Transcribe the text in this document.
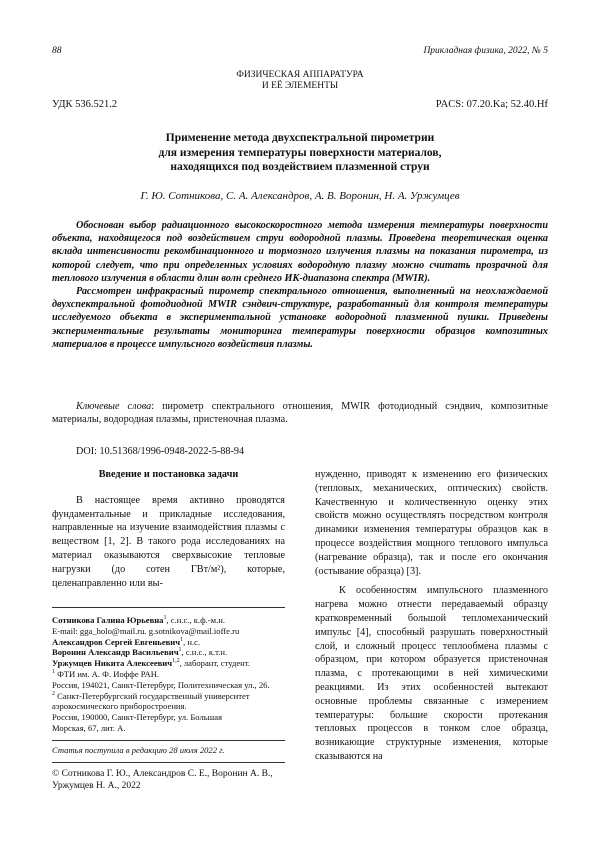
88	Прикладная физика, 2022, № 5
ФИЗИЧЕСКАЯ АППАРАТУРА
И ЕЁ ЭЛЕМЕНТЫ
УДК 536.521.2	PACS: 07.20.Ka; 52.40.Hf
Применение метода двухспектральной пирометрии
для измерения температуры поверхности материалов,
находящихся под воздействием плазменной струи
Г. Ю. Сотникова, С. А. Александров, А. В. Воронин, Н. А. Уржумцев

Обоснован выбор радиационного высокоскоростного метода измерения температуры поверхности объекта, находящегося под воздействием струи водородной плазмы. Проведена теоретическая оценка вклада интенсивности рекомбинационного и тормозного излучения плазмы на показания пирометра, из которой следует, что при определенных условиях водородную плазму можно считать прозрачной для теплового излучения в области длин волн среднего ИК-диапазона спектра (MWIR).

Рассмотрен инфракрасный пирометр спектрального отношения, выполненный на неохлаждаемой двухспектральной фотодиодной MWIR сэндвич-структуре, разработанный для контроля температуры исследуемого объекта в экспериментальной установке водородной плазменной пушки. Приведены экспериментальные результаты мониторинга температуры поверхности образцов композитных материалов в процессе импульсного воздействия плазмы.

Ключевые слова: пирометр спектрального отношения, MWIR фотодиодный сэндвич, композитные материалы, водородная плазмы, пристеночная плазма.
DOI: 10.51368/1996-0948-2022-5-88-94
Введение и постановка задачи

В настоящее время активно проводятся фундаментальные и прикладные исследования, направленные на изучение взаимодействия плазмы с веществом [1, 2]. В такого рода исследованиях на материал оказываются сверхвысокие тепловые нагрузки (до сотен ГВт/м²), которые, целенаправленно или вы-

Сотникова Галина Юрьевна$^1$, с.н.с., к.ф.-м.н.
E-mail: gga_holo@mail.ru. g.sotnikova@mail.ioffe.ru
Александров Сергей Евгеньевич$^1$, н.с.
Воронин Александр Васильевич$^1$, с.н.с., к.т.н.
Уржумцев Никита Алексеевич$^{1,2}$, лаборант, студент.
$^1$ ФТИ им. А. Ф. Иоффе РАН.
Россия, 194021, Санкт-Петербург, Политехническая ул., 26.
$^2$ Санкт-Петербургский государственный университет
аэрокосмического приборостроения.
Россия, 190000, Санкт-Петербург, ул. Большая
Морская, 67, лит. А.
Статья поступила в редакцию 28 июля 2022 г.
© Сотникова Г. Ю., Александров С. Е., Воронин А. В., Уржумцев Н. А., 2022

нужденно, приводят к изменению его физических (тепловых, механических, оптических) свойств. Качественную и количественную оценку этих свойств можно осуществлять посредством контроля динамики изменения температуры образцов как в процессе воздействия мощного теплового импульса (нагревание образца), так и после его окончания (остывание образца) [3].

К особенностям импульсного плазменного нагрева можно отнести передаваемый образцу кратковременный большой тепломеханический импульс [4], способный разрушать поверхностный слой, и сложный процесс теплообмена плазмы с образцом, при котором образуется пристеночная плазма, с протекающими в ней химическими реакциями. Из этих особенностей вытекают основные проблемы связанные с измерением температуры: большие скорости протекания тепловых процессов в тонком слое образца, возникающие структурные изменения, которые сказываются на
